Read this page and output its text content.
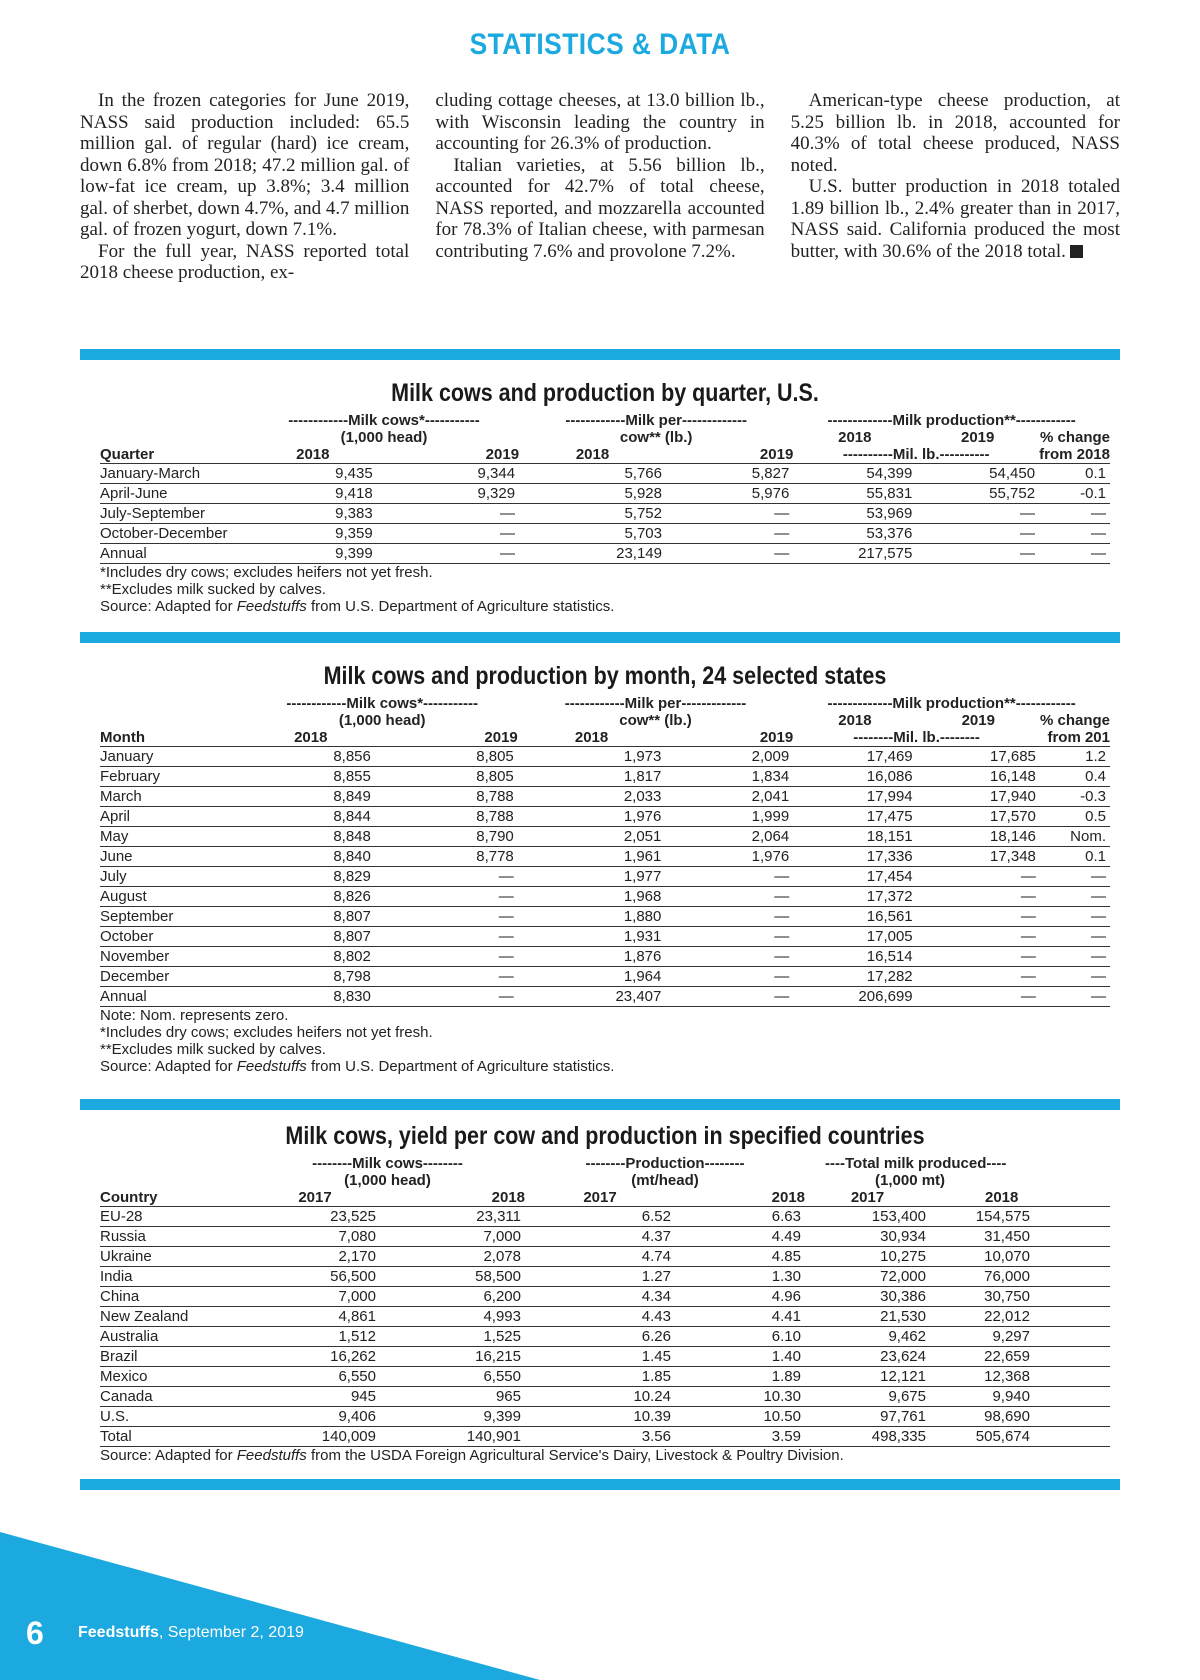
STATISTICS & DATA

In the frozen categories for June 2019, NASS said production included: 65.5 million gal. of regular (hard) ice cream, down 6.8% from 2018; 47.2 million gal. of low-fat ice cream, up 3.8%; 3.4 million gal. of sherbet, down 4.7%, and 4.7 million gal. of frozen yogurt, down 7.1%.

For the full year, NASS reported total 2018 cheese production, ex-

cluding cottage cheeses, at 13.0 billion lb., with Wisconsin leading the country in accounting for 26.3% of production.

Italian varieties, at 5.56 billion lb., accounted for 42.7% of total cheese, NASS reported, and mozzarella accounted for 78.3% of Italian cheese, with parmesan contributing 7.6% and provolone 7.2%.

American-type cheese production, at 5.25 billion lb. in 2018, accounted for 40.3% of total cheese produced, NASS noted.

U.S. butter production in 2018 totaled 1.89 billion lb., 2.4% greater than in 2017, NASS said. California produced the most butter, with 30.6% of the 2018 total.

Milk cows and production by quarter, U.S.
	------------Milk cows*-----------		------------Milk per-------------		-------------Milk production**------------		
	(1,000 head)		cow** (lb.)		2018	2019	% change
Quarter	2018	2019	2018	2019	----------Mil. lb.----------		from 2018
January-March	9,435	9,344	5,766	5,827	54,399	54,450	0.1
April-June	9,418	9,329	5,928	5,976	55,831	55,752	-0.1
July-September	9,383	—	5,752	—	53,969	—	—
October-December	9,359	—	5,703	—	53,376	—	—
Annual	9,399	—	23,149	—	217,575	—	—
*Includes dry cows; excludes heifers not yet fresh.
**Excludes milk sucked by calves.
Source: Adapted for Feedstuffs from U.S. Department of Agriculture statistics.
Milk cows and production by month, 24 selected states
	------------Milk cows*-----------		------------Milk per-------------		-------------Milk production**------------		
	(1,000 head)		cow** (lb.)		2018	2019	% change
Month	2018	2019	2018	2019	--------Mil. lb.--------		from 201
January	8,856	8,805	1,973	2,009	17,469	17,685	1.2
February	8,855	8,805	1,817	1,834	16,086	16,148	0.4
March	8,849	8,788	2,033	2,041	17,994	17,940	-0.3
April	8,844	8,788	1,976	1,999	17,475	17,570	0.5
May	8,848	8,790	2,051	2,064	18,151	18,146	Nom.
June	8,840	8,778	1,961	1,976	17,336	17,348	0.1
July	8,829	—	1,977	—	17,454	—	—
August	8,826	—	1,968	—	17,372	—	—
September	8,807	—	1,880	—	16,561	—	—
October	8,807	—	1,931	—	17,005	—	—
November	8,802	—	1,876	—	16,514	—	—
December	8,798	—	1,964	—	17,282	—	—
Annual	8,830	—	23,407	—	206,699	—	—
Note: Nom. represents zero.
*Includes dry cows; excludes heifers not yet fresh.
**Excludes milk sucked by calves.
Source: Adapted for Feedstuffs from U.S. Department of Agriculture statistics.
Milk cows, yield per cow and production in specified countries
	--------Milk cows--------		--------Production--------		----Total milk produced----	
	(1,000 head)		(mt/head)		(1,000 mt)	
Country	2017	2018	2017	2018	2017	2018
EU-28	23,525	23,311	6.52	6.63	153,400	154,575
Russia	7,080	7,000	4.37	4.49	30,934	31,450
Ukraine	2,170	2,078	4.74	4.85	10,275	10,070
India	56,500	58,500	1.27	1.30	72,000	76,000
China	7,000	6,200	4.34	4.96	30,386	30,750
New Zealand	4,861	4,993	4.43	4.41	21,530	22,012
Australia	1,512	1,525	6.26	6.10	9,462	9,297
Brazil	16,262	16,215	1.45	1.40	23,624	22,659
Mexico	6,550	6,550	1.85	1.89	12,121	12,368
Canada	945	965	10.24	10.30	9,675	9,940
U.S.	9,406	9,399	10.39	10.50	97,761	98,690
Total	140,009	140,901	3.56	3.59	498,335	505,674
Source: Adapted for Feedstuffs from the USDA Foreign Agricultural Service's Dairy, Livestock & Poultry Division.
6 Feedstuffs, September 2, 2019
